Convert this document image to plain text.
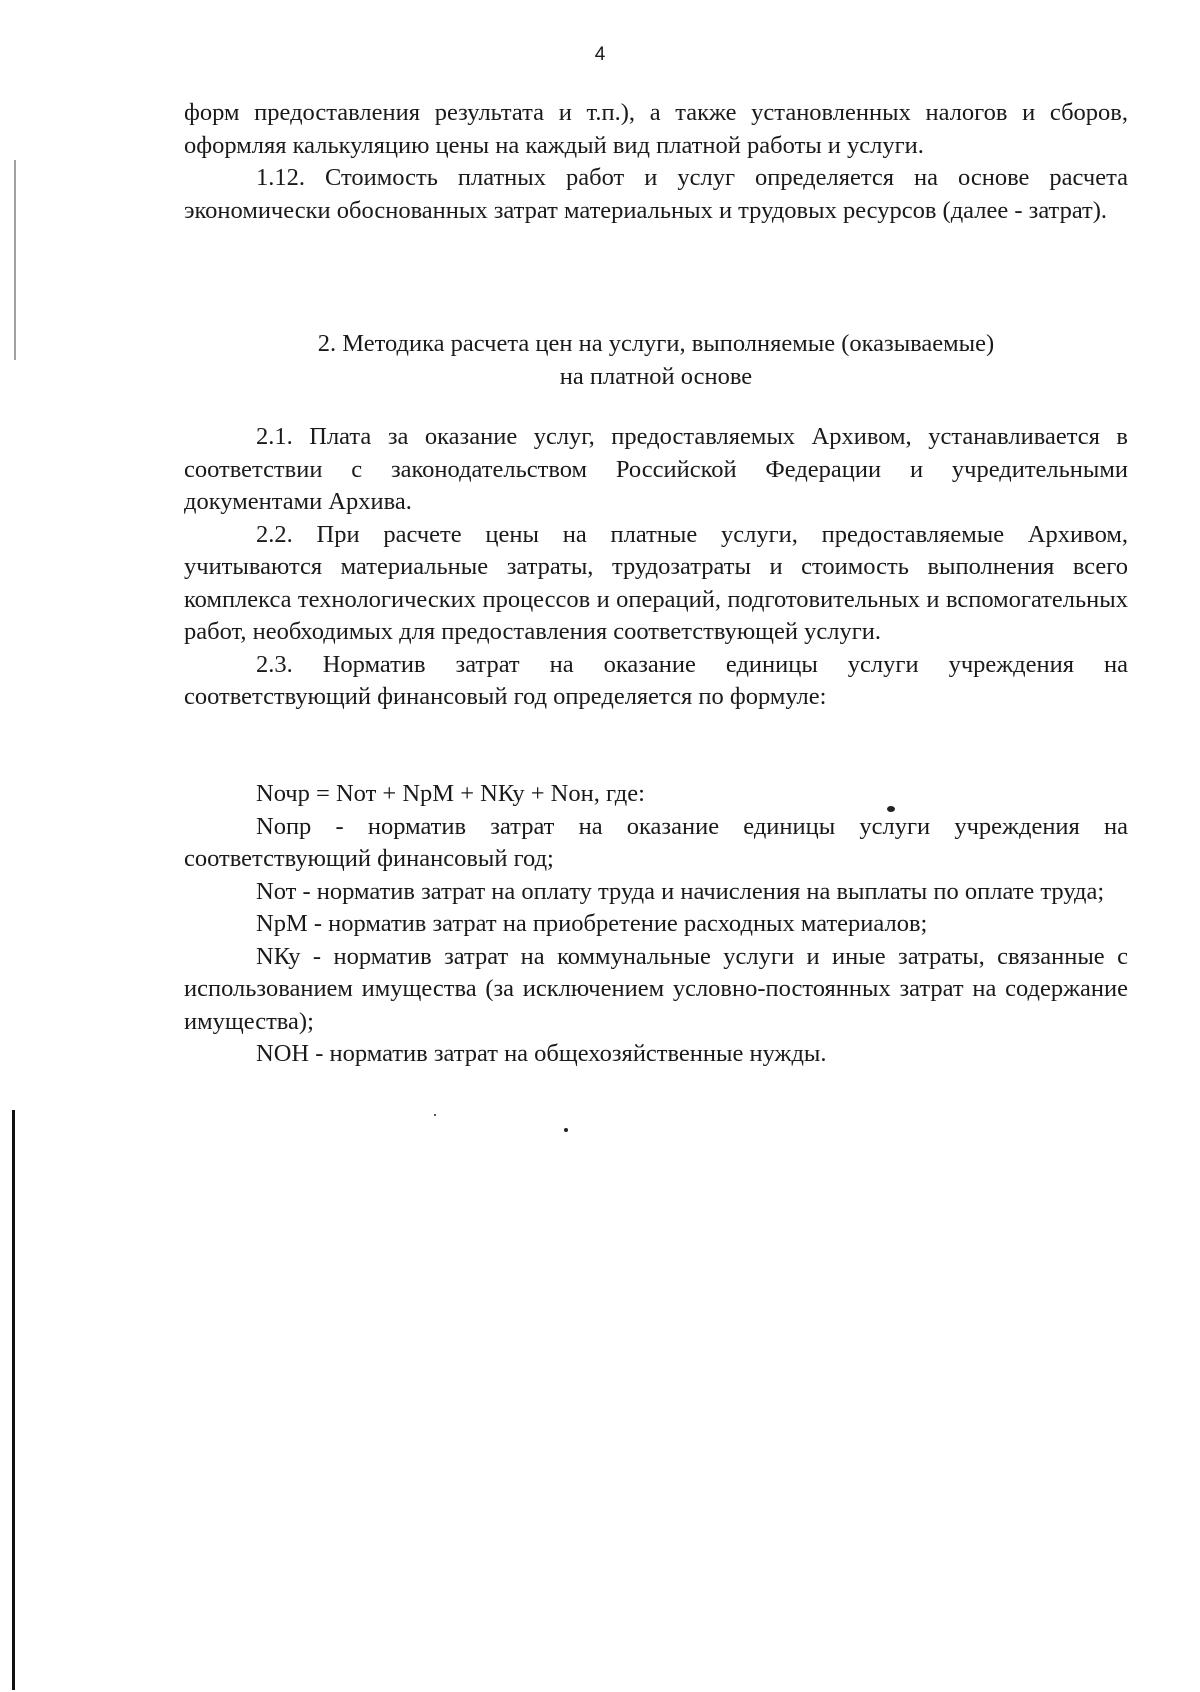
4

форм предоставления результата и т.п.), а также установленных налогов и сборов, оформляя калькуляцию цены на каждый вид платной работы и услуги.

1.12. Стоимость платных работ и услуг определяется на основе расчета экономически обоснованных затрат материальных и трудовых ресурсов (далее - затрат).

2. Методика расчета цен на услуги, выполняемые (оказываемые)
на платной основе

2.1. Плата за оказание услуг, предоставляемых Архивом, устанавливается в соответствии с законодательством Российской Федерации и учредительными документами Архива.

2.2. При расчете цены на платные услуги, предоставляемые Архивом, учитываются материальные затраты, трудозатраты и стоимость выполнения всего комплекса технологических процессов и операций, подготовительных и вспомогательных работ, необходимых для предоставления соответствующей услуги.

2.3. Норматив затрат на оказание единицы услуги учреждения на соответствующий финансовый год определяется по формуле:

Nочр = Nот + NрМ + NКу + Nон, где:

Nопр - норматив затрат на оказание единицы услуги учреждения на соответствующий финансовый год;

Nот - норматив затрат на оплату труда и начисления на выплаты по оплате труда;

NрМ - норматив затрат на приобретение расходных материалов;

NКу - норматив затрат на коммунальные услуги и иные затраты, связанные с использованием имущества (за исключением условно-постоянных затрат на содержание имущества);

NОН - норматив затрат на общехозяйственные нужды.
